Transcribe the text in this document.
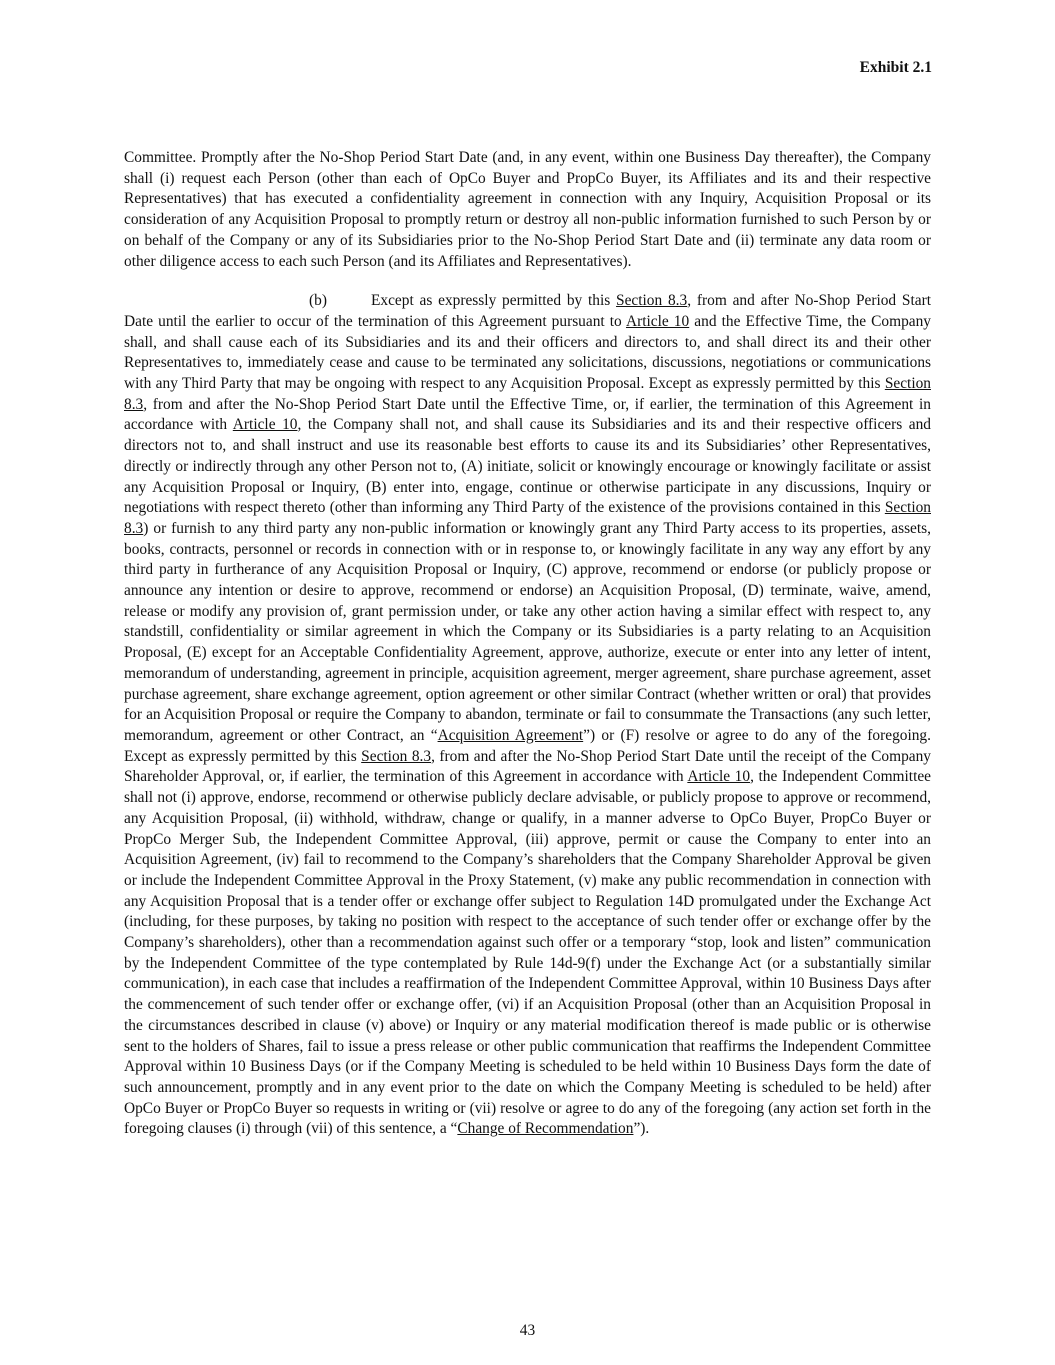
Exhibit 2.1

Committee. Promptly after the No-Shop Period Start Date (and, in any event, within one Business Day thereafter), the Company shall (i) request each Person (other than each of OpCo Buyer and PropCo Buyer, its Affiliates and its and their respective Representatives) that has executed a confidentiality agreement in connection with any Inquiry, Acquisition Proposal or its consideration of any Acquisition Proposal to promptly return or destroy all non-public information furnished to such Person by or on behalf of the Company or any of its Subsidiaries prior to the No-Shop Period Start Date and (ii) terminate any data room or other diligence access to each such Person (and its Affiliates and Representatives).

(b)	Except as expressly permitted by this Section 8.3, from and after No-Shop Period Start Date until the earlier to occur of the termination of this Agreement pursuant to Article 10 and the Effective Time, the Company shall, and shall cause each of its Subsidiaries and its and their officers and directors to, and shall direct its and their other Representatives to, immediately cease and cause to be terminated any solicitations, discussions, negotiations or communications with any Third Party that may be ongoing with respect to any Acquisition Proposal. Except as expressly permitted by this Section 8.3, from and after the No-Shop Period Start Date until the Effective Time, or, if earlier, the termination of this Agreement in accordance with Article 10, the Company shall not, and shall cause its Subsidiaries and its and their respective officers and directors not to, and shall instruct and use its reasonable best efforts to cause its and its Subsidiaries’ other Representatives, directly or indirectly through any other Person not to, (A) initiate, solicit or knowingly encourage or knowingly facilitate or assist any Acquisition Proposal or Inquiry, (B) enter into, engage, continue or otherwise participate in any discussions, Inquiry or negotiations with respect thereto (other than informing any Third Party of the existence of the provisions contained in this Section 8.3) or furnish to any third party any non-public information or knowingly grant any Third Party access to its properties, assets, books, contracts, personnel or records in connection with or in response to, or knowingly facilitate in any way any effort by any third party in furtherance of any Acquisition Proposal or Inquiry, (C) approve, recommend or endorse (or publicly propose or announce any intention or desire to approve, recommend or endorse) an Acquisition Proposal, (D) terminate, waive, amend, release or modify any provision of, grant permission under, or take any other action having a similar effect with respect to, any standstill, confidentiality or similar agreement in which the Company or its Subsidiaries is a party relating to an Acquisition Proposal, (E) except for an Acceptable Confidentiality Agreement, approve, authorize, execute or enter into any letter of intent, memorandum of understanding, agreement in principle, acquisition agreement, merger agreement, share purchase agreement, asset purchase agreement, share exchange agreement, option agreement or other similar Contract (whether written or oral) that provides for an Acquisition Proposal or require the Company to abandon, terminate or fail to consummate the Transactions (any such letter, memorandum, agreement or other Contract, an “Acquisition Agreement”) or (F) resolve or agree to do any of the foregoing. Except as expressly permitted by this Section 8.3, from and after the No-Shop Period Start Date until the receipt of the Company Shareholder Approval, or, if earlier, the termination of this Agreement in accordance with Article 10, the Independent Committee shall not (i) approve, endorse, recommend or otherwise publicly declare advisable, or publicly propose to approve or recommend, any Acquisition Proposal, (ii) withhold, withdraw, change or qualify, in a manner adverse to OpCo Buyer, PropCo Buyer or PropCo Merger Sub, the Independent Committee Approval, (iii) approve, permit or cause the Company to enter into an Acquisition Agreement, (iv) fail to recommend to the Company’s shareholders that the Company Shareholder Approval be given or include the Independent Committee Approval in the Proxy Statement, (v) make any public recommendation in connection with any Acquisition Proposal that is a tender offer or exchange offer subject to Regulation 14D promulgated under the Exchange Act (including, for these purposes, by taking no position with respect to the acceptance of such tender offer or exchange offer by the Company’s shareholders), other than a recommendation against such offer or a temporary “stop, look and listen” communication by the Independent Committee of the type contemplated by Rule 14d-9(f) under the Exchange Act (or a substantially similar communication), in each case that includes a reaffirmation of the Independent Committee Approval, within 10 Business Days after the commencement of such tender offer or exchange offer, (vi) if an Acquisition Proposal (other than an Acquisition Proposal in the circumstances described in clause (v) above) or Inquiry or any material modification thereof is made public or is otherwise sent to the holders of Shares, fail to issue a press release or other public communication that reaffirms the Independent Committee Approval within 10 Business Days (or if the Company Meeting is scheduled to be held within 10 Business Days form the date of such announcement, promptly and in any event prior to the date on which the Company Meeting is scheduled to be held) after OpCo Buyer or PropCo Buyer so requests in writing or (vii) resolve or agree to do any of the foregoing (any action set forth in the foregoing clauses (i) through (vii) of this sentence, a “Change of Recommendation”).

43
